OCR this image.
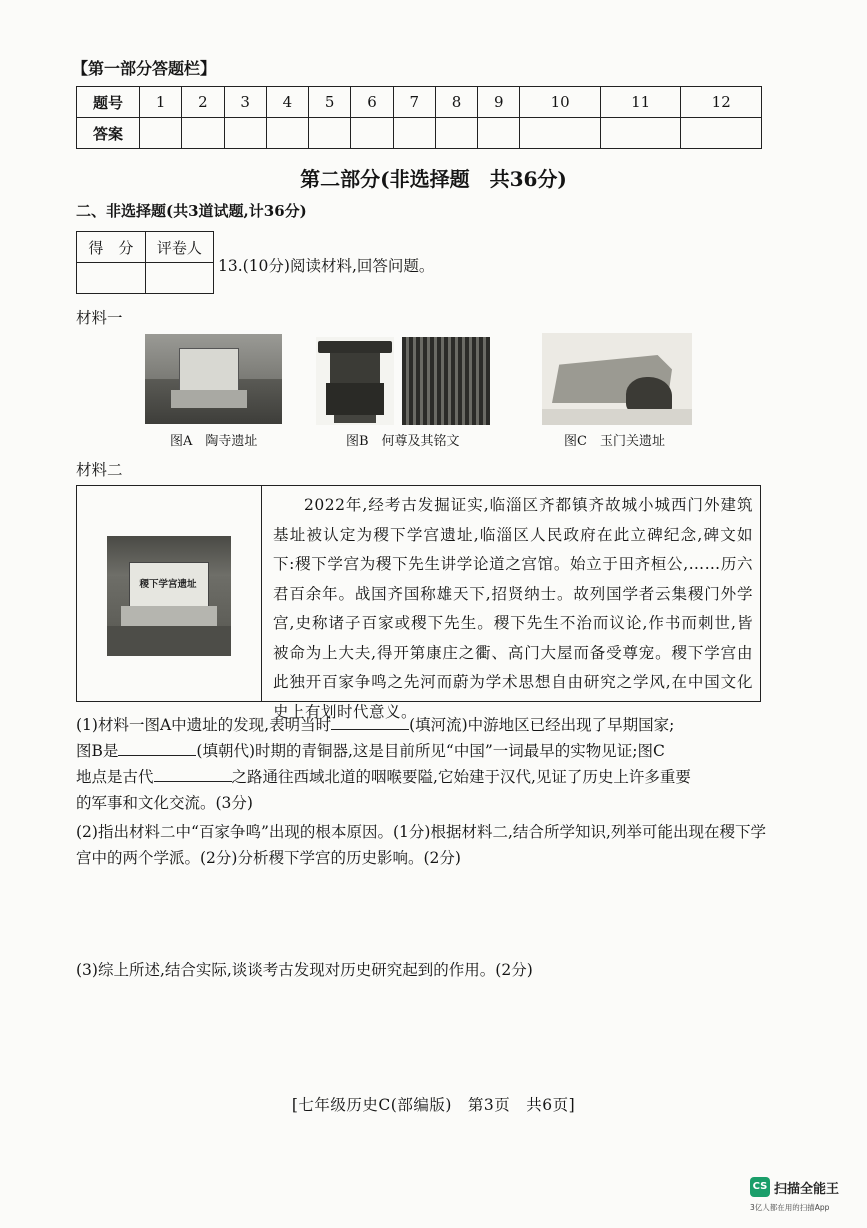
【第一部分答题栏】
题号	1	2	3	4	5	6	7	8	9	10	11	12
答案												
第二部分(非选择题　共36分)
二、非选择题(共3道试题,计36分)
得　分	评卷人

13.(10分)阅读材料,回答问题。
材料一
图A　陶寺遗址	图B　何尊及其铭文	图C　玉门关遗址
材料二
稷下学宫遗址
2022年,经考古发掘证实,临淄区齐都镇齐故城小城西门外建筑基址被认定为稷下学宫遗址,临淄区人民政府在此立碑纪念,碑文如下:稷下学宫为稷下先生讲学论道之宫馆。始立于田齐桓公,……历六君百余年。战国齐国称雄天下,招贤纳士。故列国学者云集稷门外学宫,史称诸子百家或稷下先生。稷下先生不治而议论,作书而刺世,皆被命为上大夫,得开第康庄之衢、高门大屋而备受尊宠。稷下学宫由此独开百家争鸣之先河而蔚为学术思想自由研究之学风,在中国文化史上有划时代意义。
(1)材料一图A中遗址的发现,表明当时	(填河流)中游地区已经出现了早期国家;
图B是	(填朝代)时期的青铜器,这是目前所见“中国”一词最早的实物见证;图C
地点是古代	之路通往西域北道的咽喉要隘,它始建于汉代,见证了历史上许多重要
的军事和文化交流。(3分)
(2)指出材料二中“百家争鸣”出现的根本原因。(1分)根据材料二,结合所学知识,列举可能出现在稷下学宫中的两个学派。(2分)分析稷下学宫的历史影响。(2分)
(3)综上所述,结合实际,谈谈考古发现对历史研究起到的作用。(2分)
[七年级历史C(部编版)　第3页　共6页]
CS 扫描全能王
3亿人都在用的扫描App
